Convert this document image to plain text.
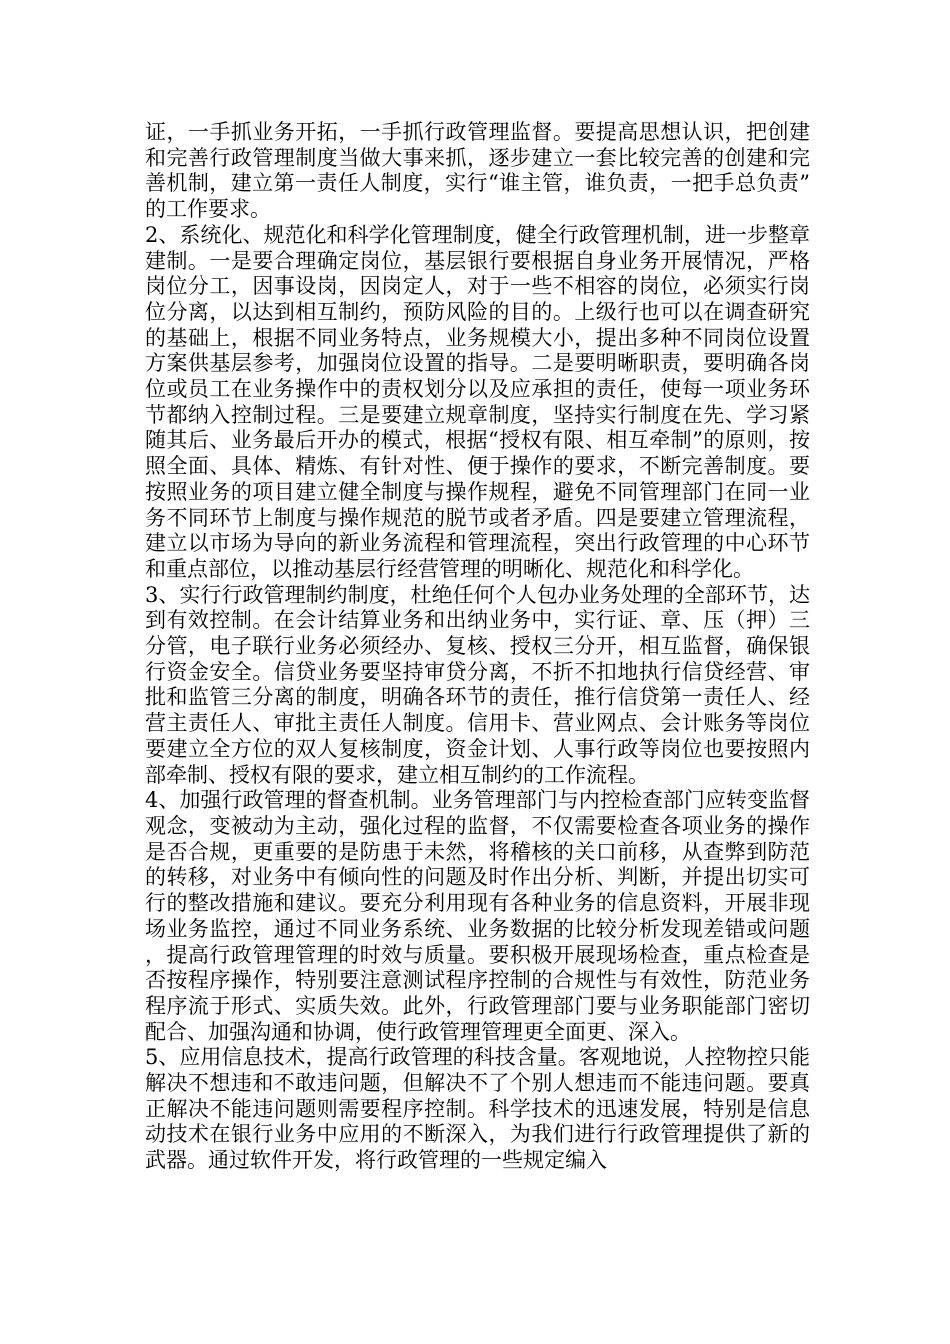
证，一手抓业务开拓，一手抓行政管理监督。要提高思想认识，把创建和完善行政管理制度当做大事来抓，逐步建立一套比较完善的创建和完善机制，建立第一责任人制度，实行“谁主管，谁负责，一把手总负责”的工作要求。

2、系统化、规范化和科学化管理制度，健全行政管理机制，进一步整章建制。一是要合理确定岗位，基层银行要根据自身业务开展情况，严格岗位分工，因事设岗，因岗定人，对于一些不相容的岗位，必须实行岗位分离，以达到相互制约，预防风险的目的。上级行也可以在调查研究的基础上，根据不同业务特点，业务规模大小，提出多种不同岗位设置方案供基层参考，加强岗位设置的指导。二是要明晰职责，要明确各岗位或员工在业务操作中的责权划分以及应承担的责任，使每一项业务环节都纳入控制过程。三是要建立规章制度，坚持实行制度在先、学习紧随其后、业务最后开办的模式，根据“授权有限、相互牵制”的原则，按照全面、具体、精炼、有针对性、便于操作的要求，不断完善制度。要按照业务的项目建立健全制度与操作规程，避免不同管理部门在同一业务不同环节上制度与操作规范的脱节或者矛盾。四是要建立管理流程，建立以市场为导向的新业务流程和管理流程，突出行政管理的中心环节和重点部位，以推动基层行经营管理的明晰化、规范化和科学化。

3、实行行政管理制约制度，杜绝任何个人包办业务处理的全部环节，达到有效控制。在会计结算业务和出纳业务中，实行证、章、压（押）三分管，电子联行业务必须经办、复核、授权三分开，相互监督，确保银行资金安全。信贷业务要坚持审贷分离，不折不扣地执行信贷经营、审批和监管三分离的制度，明确各环节的责任，推行信贷第一责任人、经营主责任人、审批主责任人制度。信用卡、营业网点、会计账务等岗位要建立全方位的双人复核制度，资金计划、人事行政等岗位也要按照内部牵制、授权有限的要求，建立相互制约的工作流程。

4、加强行政管理的督查机制。业务管理部门与内控检查部门应转变监督观念，变被动为主动，强化过程的监督，不仅需要检查各项业务的操作是否合规，更重要的是防患于未然，将稽核的关口前移，从查弊到防范的转移，对业务中有倾向性的问题及时作出分析、判断，并提出切实可行的整改措施和建议。要充分利用现有各种业务的信息资料，开展非现场业务监控，通过不同业务系统、业务数据的比较分析发现差错或问题，提高行政管理管理的时效与质量。要积极开展现场检查，重点检查是否按程序操作，特别要注意测试程序控制的合规性与有效性，防范业务程序流于形式、实质失效。此外，行政管理部门要与业务职能部门密切配合、加强沟通和协调，使行政管理管理更全面更、深入。

5、应用信息技术，提高行政管理的科技含量。客观地说，人控物控只能解决不想违和不敢违问题，但解决不了个别人想违而不能违问题。要真正解决不能违问题则需要程序控制。科学技术的迅速发展，特别是信息动技术在银行业务中应用的不断深入，为我们进行行政管理提供了新的武器。通过软件开发，将行政管理的一些规定编入
